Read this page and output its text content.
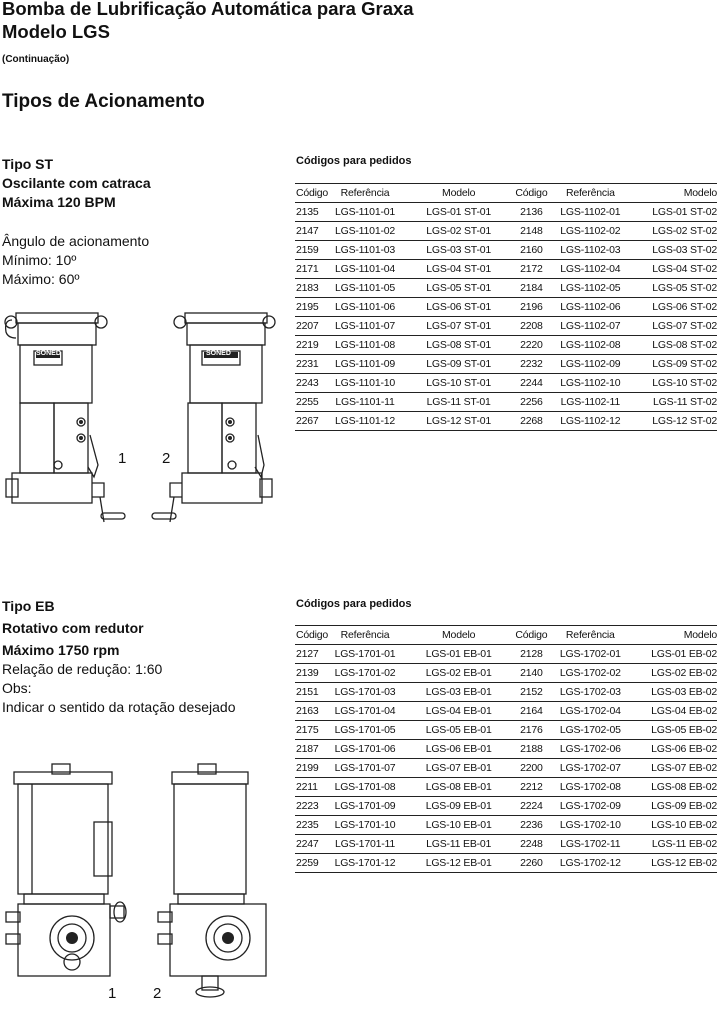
Bomba de Lubrificação Automática para Graxa
Modelo LGS
(Continuação)
Tipos de Acionamento
Tipo ST
Oscilante com catraca
Máxima 120 BPM
Ângulo de acionamento
Mínimo: 10º
Máximo: 60º
SONED	SONED
1 2
Códigos para pedidos
Código	Referência	Modelo	Código	Referência	Modelo
2135	LGS-1101-01	LGS-01 ST-01	2136	LGS-1102-01	LGS-01 ST-02
2147	LGS-1101-02	LGS-02 ST-01	2148	LGS-1102-02	LGS-02 ST-02
2159	LGS-1101-03	LGS-03 ST-01	2160	LGS-1102-03	LGS-03 ST-02
2171	LGS-1101-04	LGS-04 ST-01	2172	LGS-1102-04	LGS-04 ST-02
2183	LGS-1101-05	LGS-05 ST-01	2184	LGS-1102-05	LGS-05 ST-02
2195	LGS-1101-06	LGS-06 ST-01	2196	LGS-1102-06	LGS-06 ST-02
2207	LGS-1101-07	LGS-07 ST-01	2208	LGS-1102-07	LGS-07 ST-02
2219	LGS-1101-08	LGS-08 ST-01	2220	LGS-1102-08	LGS-08 ST-02
2231	LGS-1101-09	LGS-09 ST-01	2232	LGS-1102-09	LGS-09 ST-02
2243	LGS-1101-10	LGS-10 ST-01	2244	LGS-1102-10	LGS-10 ST-02
2255	LGS-1101-11	LGS-11 ST-01	2256	LGS-1102-11	LGS-11 ST-02
2267	LGS-1101-12	LGS-12 ST-01	2268	LGS-1102-12	LGS-12 ST-02
Tipo EB
Rotativo com redutor
Máximo 1750 rpm
Relação de redução: 1:60
Obs:
Indicar o sentido da rotação desejado
1 2
Códigos para pedidos
Código	Referência	Modelo	Código	Referência	Modelo
2127	LGS-1701-01	LGS-01 EB-01	2128	LGS-1702-01	LGS-01 EB-02
2139	LGS-1701-02	LGS-02 EB-01	2140	LGS-1702-02	LGS-02 EB-02
2151	LGS-1701-03	LGS-03 EB-01	2152	LGS-1702-03	LGS-03 EB-02
2163	LGS-1701-04	LGS-04 EB-01	2164	LGS-1702-04	LGS-04 EB-02
2175	LGS-1701-05	LGS-05 EB-01	2176	LGS-1702-05	LGS-05 EB-02
2187	LGS-1701-06	LGS-06 EB-01	2188	LGS-1702-06	LGS-06 EB-02
2199	LGS-1701-07	LGS-07 EB-01	2200	LGS-1702-07	LGS-07 EB-02
2211	LGS-1701-08	LGS-08 EB-01	2212	LGS-1702-08	LGS-08 EB-02
2223	LGS-1701-09	LGS-09 EB-01	2224	LGS-1702-09	LGS-09 EB-02
2235	LGS-1701-10	LGS-10 EB-01	2236	LGS-1702-10	LGS-10 EB-02
2247	LGS-1701-11	LGS-11 EB-01	2248	LGS-1702-11	LGS-11 EB-02
2259	LGS-1701-12	LGS-12 EB-01	2260	LGS-1702-12	LGS-12 EB-02
